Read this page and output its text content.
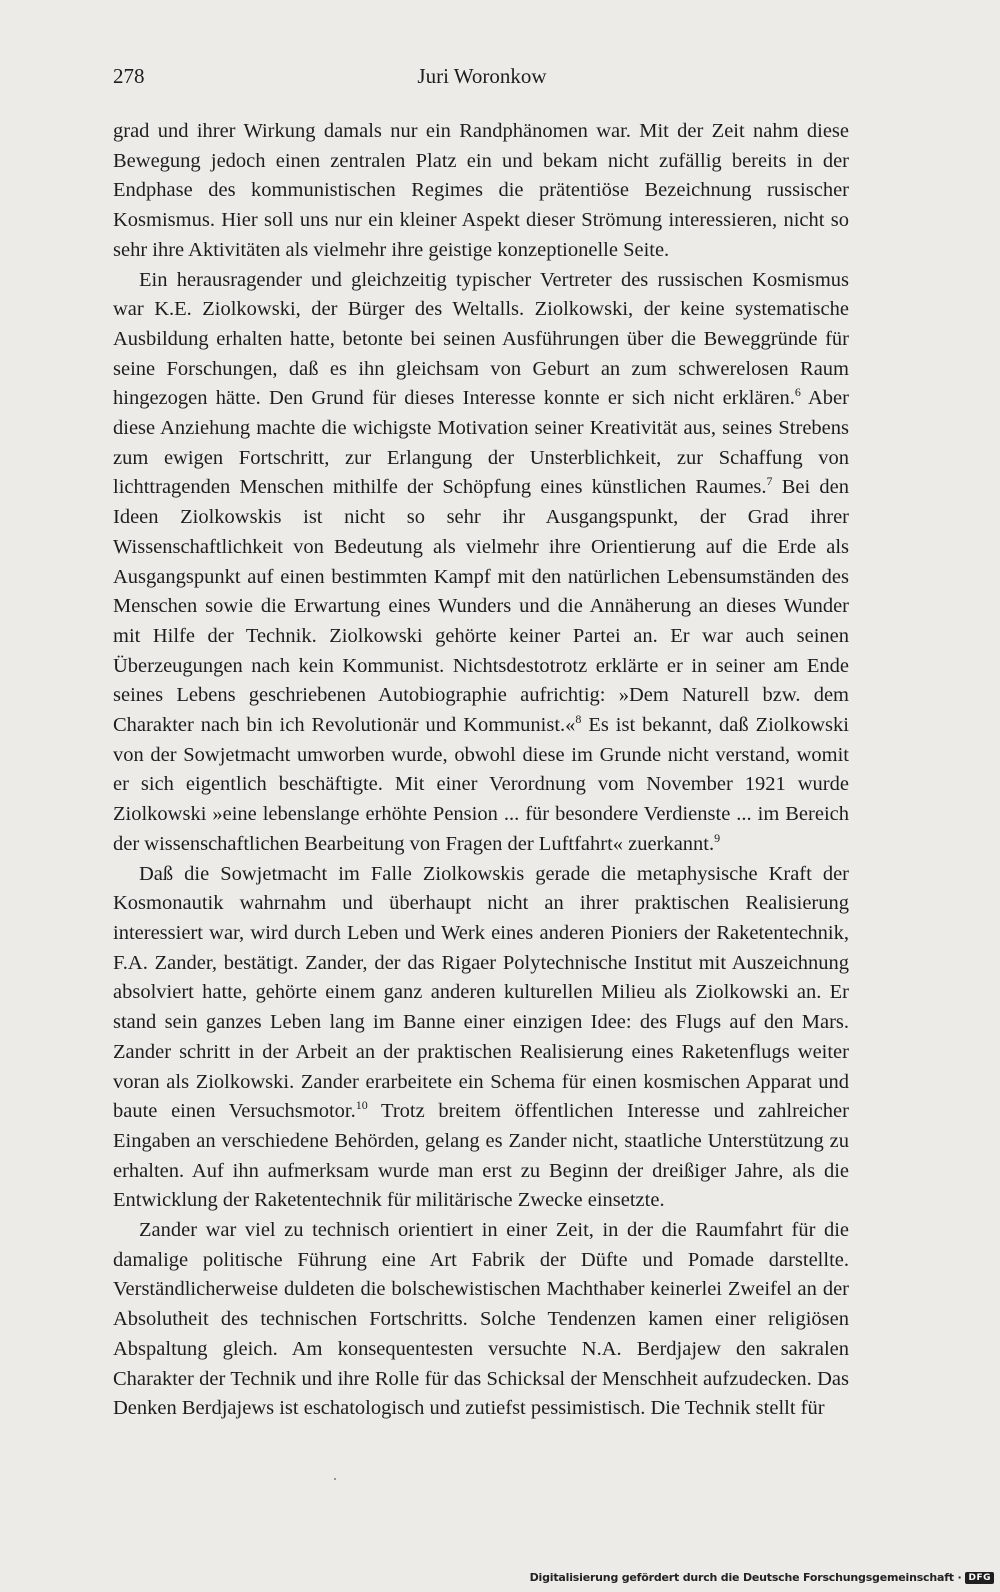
278	Juri Woronkow

grad und ihrer Wirkung damals nur ein Randphänomen war. Mit der Zeit nahm diese Bewegung jedoch einen zentralen Platz ein und bekam nicht zufällig bereits in der Endphase des kommunistischen Regimes die prätentiöse Bezeichnung russischer Kosmismus. Hier soll uns nur ein kleiner Aspekt dieser Strömung interessieren, nicht so sehr ihre Aktivitäten als vielmehr ihre geistige konzeptionelle Seite.

Ein herausragender und gleichzeitig typischer Vertreter des russischen Kosmismus war K.E. Ziolkowski, der Bürger des Weltalls. Ziolkowski, der keine systematische Ausbildung erhalten hatte, betonte bei seinen Ausführungen über die Beweggründe für seine Forschungen, daß es ihn gleichsam von Geburt an zum schwerelosen Raum hingezogen hätte. Den Grund für dieses Interesse konnte er sich nicht erklären.$^6$ Aber diese Anziehung machte die wichigste Motivation seiner Kreativität aus, seines Strebens zum ewigen Fortschritt, zur Erlangung der Unsterblichkeit, zur Schaffung von lichttragenden Menschen mithilfe der Schöpfung eines künstlichen Raumes.$^7$ Bei den Ideen Ziolkowskis ist nicht so sehr ihr Ausgangspunkt, der Grad ihrer Wissenschaftlichkeit von Bedeutung als vielmehr ihre Orientierung auf die Erde als Ausgangspunkt auf einen bestimmten Kampf mit den natürlichen Lebensumständen des Menschen sowie die Erwartung eines Wunders und die Annäherung an dieses Wunder mit Hilfe der Technik. Ziolkowski gehörte keiner Partei an. Er war auch seinen Überzeugungen nach kein Kommunist. Nichtsdestotrotz erklärte er in seiner am Ende seines Lebens geschriebenen Autobiographie aufrichtig: »Dem Naturell bzw. dem Charakter nach bin ich Revolutionär und Kommunist.«$^8$ Es ist bekannt, daß Ziolkowski von der Sowjetmacht umworben wurde, obwohl diese im Grunde nicht verstand, womit er sich eigentlich beschäftigte. Mit einer Verordnung vom November 1921 wurde Ziolkowski »eine lebenslange erhöhte Pension ... für besondere Verdienste ... im Bereich der wissenschaftlichen Bearbeitung von Fragen der Luftfahrt« zuerkannt.$^9$

Daß die Sowjetmacht im Falle Ziolkowskis gerade die metaphysische Kraft der Kosmonautik wahrnahm und überhaupt nicht an ihrer praktischen Realisierung interessiert war, wird durch Leben und Werk eines anderen Pioniers der Raketentechnik, F.A. Zander, bestätigt. Zander, der das Rigaer Polytechnische Institut mit Auszeichnung absolviert hatte, gehörte einem ganz anderen kulturellen Milieu als Ziolkowski an. Er stand sein ganzes Leben lang im Banne einer einzigen Idee: des Flugs auf den Mars. Zander schritt in der Arbeit an der praktischen Realisierung eines Raketenflugs weiter voran als Ziolkowski. Zander erarbeitete ein Schema für einen kosmischen Apparat und baute einen Versuchsmotor.$^{10}$ Trotz breitem öffentlichen Interesse und zahlreicher Eingaben an verschiedene Behörden, gelang es Zander nicht, staatliche Unterstützung zu erhalten. Auf ihn aufmerksam wurde man erst zu Beginn der dreißiger Jahre, als die Entwicklung der Raketentechnik für militärische Zwecke einsetzte.

Zander war viel zu technisch orientiert in einer Zeit, in der die Raumfahrt für die damalige politische Führung eine Art Fabrik der Düfte und Pomade darstellte. Verständlicherweise duldeten die bolschewistischen Machthaber keinerlei Zweifel an der Absolutheit des technischen Fortschritts. Solche Tendenzen kamen einer religiösen Abspaltung gleich. Am konsequentesten versuchte N.A. Berdjajew den sakralen Charakter der Technik und ihre Rolle für das Schicksal der Menschheit aufzudecken. Das Denken Berdjajews ist eschatologisch und zutiefst pessimistisch. Die Technik stellt für

Digitalisierung gefördert durch die Deutsche Forschungsgemeinschaft · DFG
